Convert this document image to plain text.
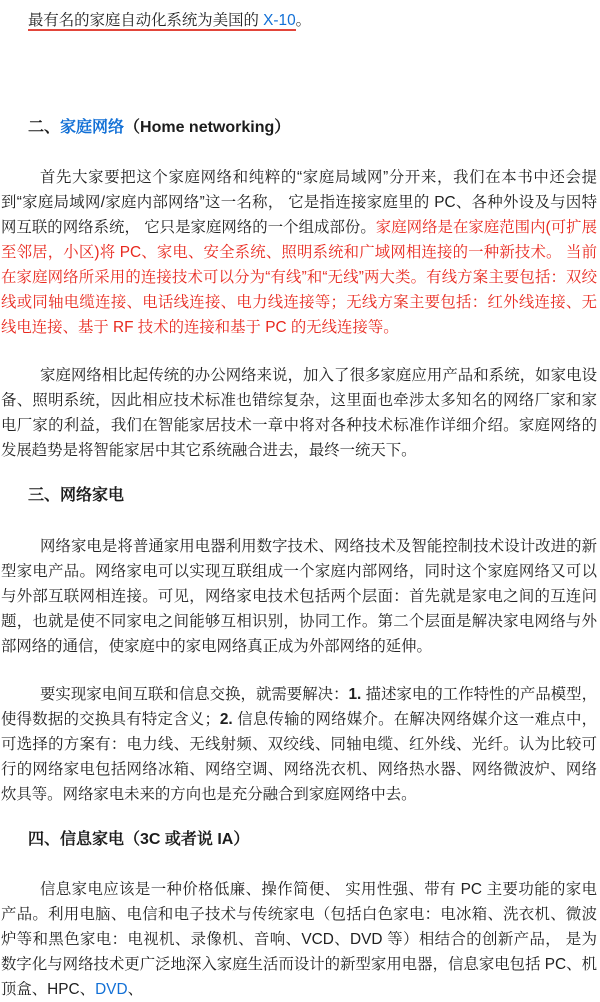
最有名的家庭自动化系统为美国的 X-10。

二、家庭网络（Home networking）

首先大家要把这个家庭网络和纯粹的“家庭局域网”分开来，我们在本书中还会提到“家庭局域网/家庭内部网络”这一名称， 它是指连接家庭里的 PC、各种外设及与因特网互联的网络系统， 它只是家庭网络的一个组成部份。家庭网络是在家庭范围内(可扩展至邻居，小区)将 PC、家电、安全系统、照明系统和广域网相连接的一种新技术。 当前在家庭网络所采用的连接技术可以分为“有线”和“无线”两大类。有线方案主要包括：双绞线或同轴电缆连接、电话线连接、电力线连接等；无线方案主要包括：红外线连接、无线电连接、基于 RF 技术的连接和基于 PC 的无线连接等。

家庭网络相比起传统的办公网络来说，加入了很多家庭应用产品和系统，如家电设备、照明系统，因此相应技术标准也错综复杂，这里面也牵涉太多知名的网络厂家和家电厂家的利益，我们在智能家居技术一章中将对各种技术标准作详细介绍。家庭网络的发展趋势是将智能家居中其它系统融合进去，最终一统天下。

三、网络家电

网络家电是将普通家用电器利用数字技术、网络技术及智能控制技术设计改进的新型家电产品。网络家电可以实现互联组成一个家庭内部网络，同时这个家庭网络又可以与外部互联网相连接。可见，网络家电技术包括两个层面：首先就是家电之间的互连问题，也就是使不同家电之间能够互相识别，协同工作。第二个层面是解决家电网络与外部网络的通信，使家庭中的家电网络真正成为外部网络的延伸。

要实现家电间互联和信息交换，就需要解决：1. 描述家电的工作特性的产品模型，使得数据的交换具有特定含义；2. 信息传输的网络媒介。在解决网络媒介这一难点中，可选择的方案有：电力线、无线射频、双绞线、同轴电缆、红外线、光纤。认为比较可行的网络家电包括网络冰箱、网络空调、网络洗衣机、网络热水器、网络微波炉、网络炊具等。网络家电未来的方向也是充分融合到家庭网络中去。

四、信息家电（3C 或者说 IA）

信息家电应该是一种价格低廉、操作简便、 实用性强、带有 PC 主要功能的家电产品。利用电脑、电信和电子技术与传统家电（包括白色家电：电冰箱、洗衣机、微波炉等和黑色家电：电视机、录像机、音响、VCD、DVD 等）相结合的创新产品， 是为数字化与网络技术更广泛地深入家庭生活而设计的新型家用电器，信息家电包括 PC、机顶盒、HPC、DVD、
